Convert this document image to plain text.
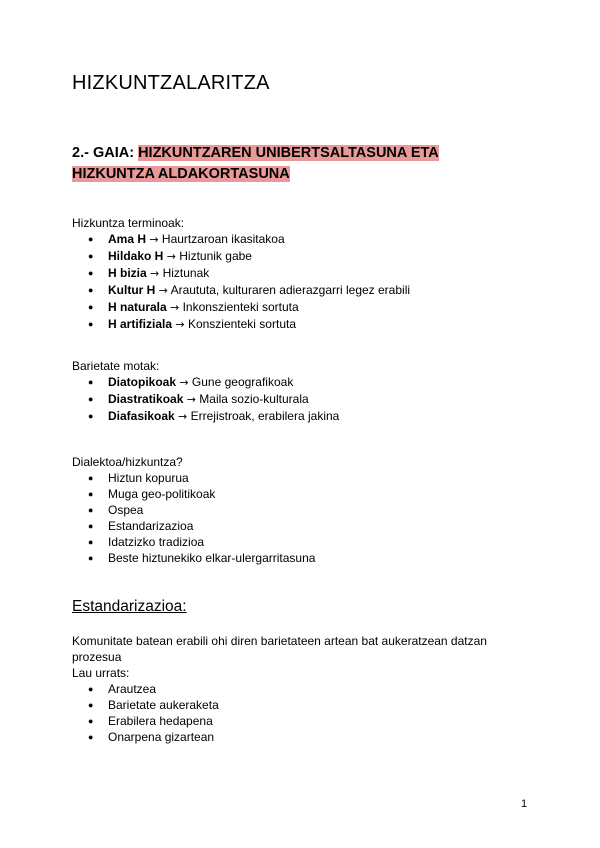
HIZKUNTZALARITZA
2.- GAIA: HIZKUNTZAREN UNIBERTSALTASUNA ETA
HIZKUNTZA ALDAKORTASUNA

Hizkuntza terminoak:

● Ama H → Haurtzaroan ikasitakoa
● Hildako H → Hiztunik gabe
● H bizia → Hiztunak
● Kultur H → Araututa, kulturaren adierazgarri legez erabili
● H naturala → Inkonszienteki sortuta
● H artifiziala → Konszienteki sortuta

Barietate motak:

● Diatopikoak → Gune geografikoak
● Diastratikoak → Maila sozio-kulturala
● Diafasikoak → Errejistroak, erabilera jakina

Dialektoa/hizkuntza?

● Hiztun kopurua
● Muga geo-politikoak
● Ospea
● Estandarizazioa
● Idatzizko tradizioa
● Beste hiztunekiko elkar-ulergarritasuna
Estandarizazioa:

Komunitate batean erabili ohi diren barietateen artean bat aukeratzean datzan prozesua

Lau urrats:

● Arautzea
● Barietate aukeraketa
● Erabilera hedapena
● Onarpena gizartean
1
